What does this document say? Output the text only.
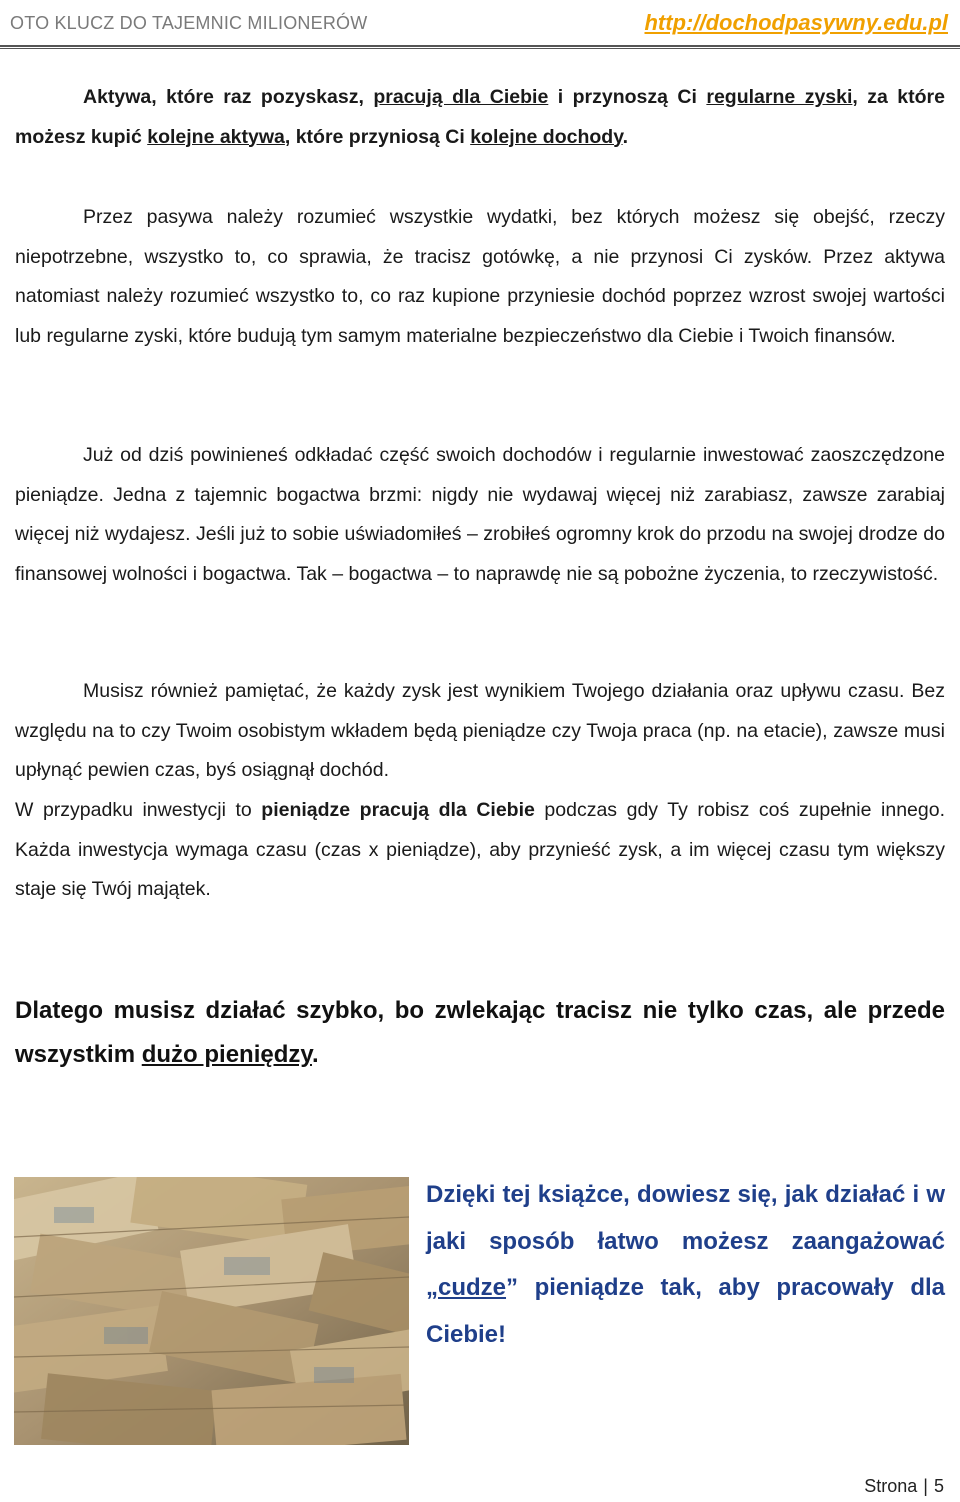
OTO KLUCZ DO TAJEMNIC MILIONERÓW	http://dochodpasywny.edu.pl
Aktywa, które raz pozyskasz, pracują dla Ciebie i przynoszą Ci regularne zyski, za które możesz kupić kolejne aktywa, które przyniosą Ci kolejne dochody.
Przez pasywa należy rozumieć wszystkie wydatki, bez których możesz się obejść, rzeczy niepotrzebne, wszystko to, co sprawia, że tracisz gotówkę, a nie przynosi Ci zysków. Przez aktywa natomiast należy rozumieć wszystko to, co raz kupione przyniesie dochód poprzez wzrost swojej wartości lub regularne zyski, które budują tym samym materialne bezpieczeństwo dla Ciebie i Twoich finansów.
Już od dziś powinieneś odkładać część swoich dochodów i regularnie inwestować zaoszczędzone pieniądze. Jedna z tajemnic bogactwa brzmi: nigdy nie wydawaj więcej niż zarabiasz, zawsze zarabiaj więcej niż wydajesz. Jeśli już to sobie uświadomiłeś – zrobiłeś ogromny krok do przodu na swojej drodze do finansowej wolności i bogactwa. Tak – bogactwa – to naprawdę nie są pobożne życzenia, to rzeczywistość.
Musisz również pamiętać, że każdy zysk jest wynikiem Twojego działania oraz upływu czasu. Bez względu na to czy Twoim osobistym wkładem będą pieniądze czy Twoja praca (np. na etacie), zawsze musi upłynąć pewien czas, byś osiągnął dochód.
W przypadku inwestycji to pieniądze pracują dla Ciebie podczas gdy Ty robisz coś zupełnie innego. Każda inwestycja wymaga czasu (czas x pieniądze), aby przynieść zysk, a im więcej czasu tym większy staje się Twój majątek.
Dlatego musisz działać szybko, bo zwlekając tracisz nie tylko czas, ale przede wszystkim dużo pieniędzy.
Dzięki tej książce, dowiesz się, jak działać i w jaki sposób łatwo możesz zaangażować „cudze” pieniądze tak, aby pracowały dla Ciebie!
Strona | 5
